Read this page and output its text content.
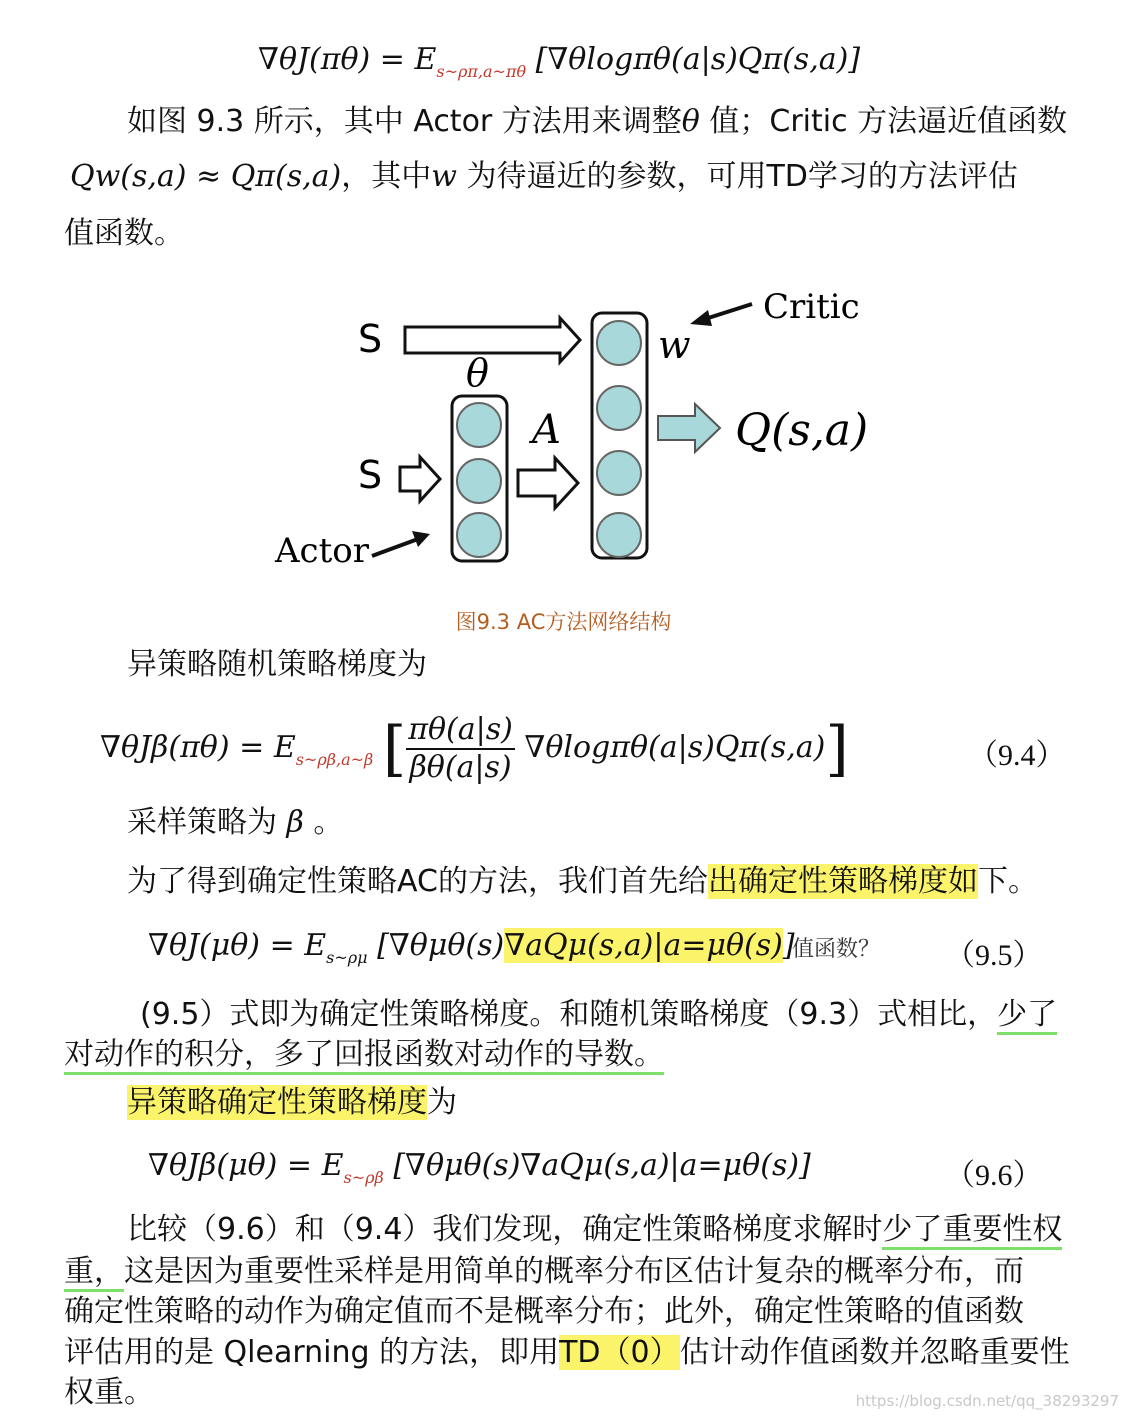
$\nabla\theta J(\pi\theta) = E_{s\sim\rho\pi,a\sim\pi\theta}$ [∇θlogπθ(a|s)Qπ(s,a)]
如图 9.3 所示，其中 Actor 方法用来调整θ 值；Critic 方法逼近值函数
Qw(s,a) ≈ Qπ(s,a)，其中w 为待逼近的参数，可用TD学习的方法评估
值函数。
S	w
Critic
Q(s,a)
θ
S
A
Actor
图9.3 AC方法网络结构
异策略随机策略梯度为
$\nabla\theta J\beta(\pi\theta) = E_{s\sim\rho\beta,a\sim\beta}$ [ $\frac{\pi\theta(a|s)}{\beta\theta(a|s)} \nabla\theta\log\pi\theta(a|s)Q\pi(s,a)$]	（9.4）
采样策略为 β 。
为了得到确定性策略AC的方法，我们首先给出确定性策略梯度如下。
$\nabla\theta J(\mu\theta) = E_{s\sim\rho\mu}$ [∇θμθ(s)∇aQμ(s,a)|a=μθ(s)]
值函数？ （9.5）
(9.5）式即为确定性策略梯度。和随机策略梯度（9.3）式相比，少了
对动作的积分，多了回报函数对动作的导数。
异策略确定性策略梯度为
$\nabla\theta J\beta(\mu\theta) = E_{s\sim\rho\beta}$ [∇θμθ(s)∇aQμ(s,a)|a=μθ(s)]	（9.6）
比较（9.6）和（9.4）我们发现，确定性策略梯度求解时少了重要性权
重，这是因为重要性采样是用简单的概率分布区估计复杂的概率分布，而
确定性策略的动作为确定值而不是概率分布；此外，确定性策略的值函数
评估用的是 Qlearning 的方法，即用TD（0）估计动作值函数并忽略重要性
权重。	https://blog.csdn.net/qq_38293297
